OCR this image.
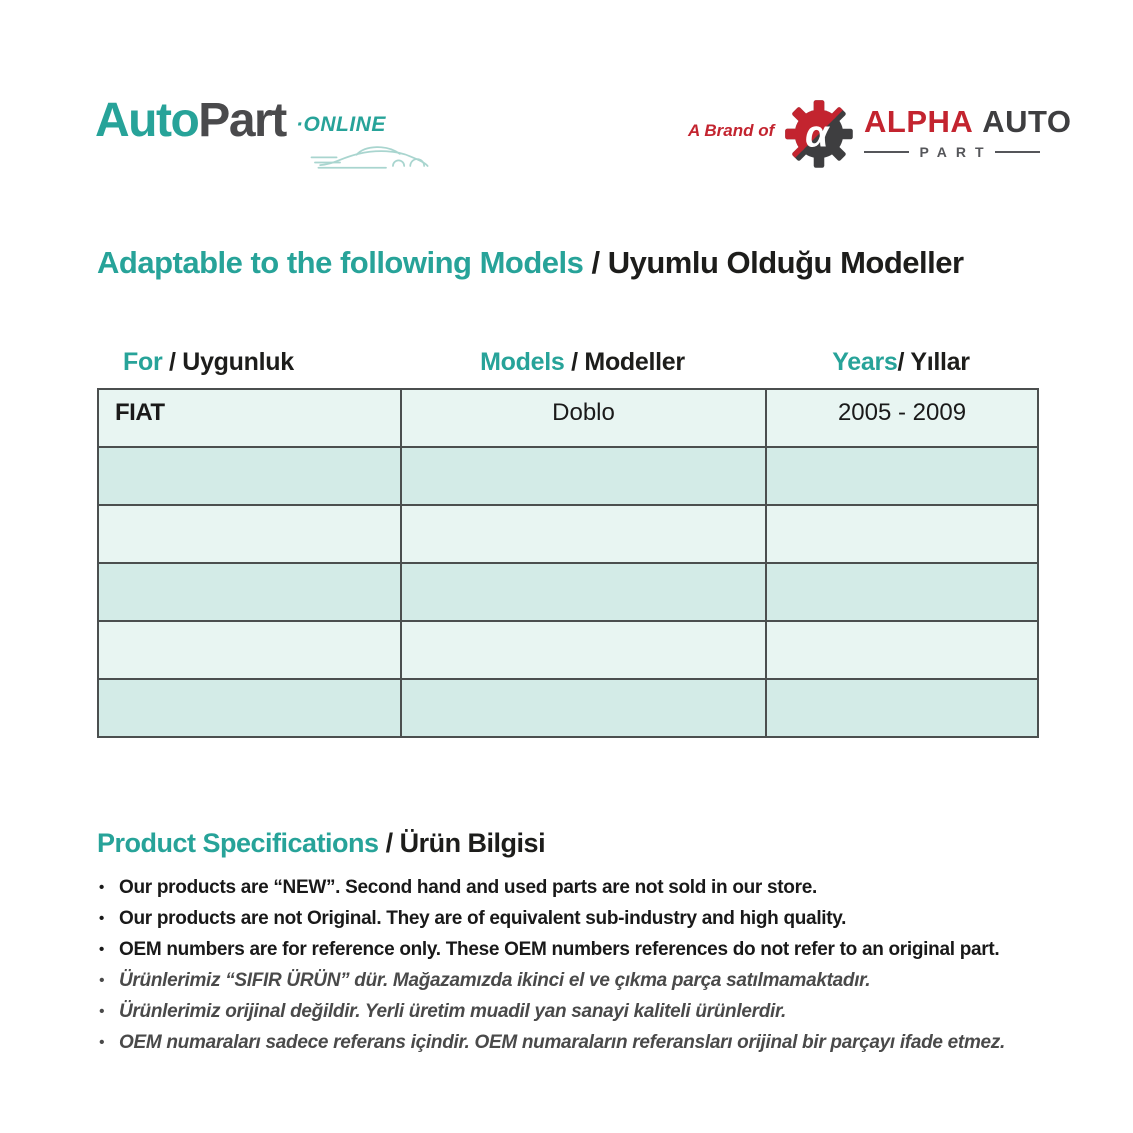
AutoPart ·ONLINE	A Brand of α ALPHA AUTO
PART
Adaptable to the following Models / Uyumlu Olduğu Modeller
For / Uygunluk	Models / Modeller	Years/ Yıllar
FIAT	Doblo	2005 - 2009

Product Specifications / Ürün Bilgisi
• Our products are “NEW”. Second hand and used parts are not sold in our store.
• Our products are not Original. They are of equivalent sub-industry and high quality.
• OEM numbers are for reference only. These OEM numbers references do not refer to an original part.
• Ürünlerimiz “SIFIR ÜRÜN” dür. Mağazamızda ikinci el ve çıkma parça satılmamaktadır.
• Ürünlerimiz orijinal değildir. Yerli üretim muadil yan sanayi kaliteli ürünlerdir.
• OEM numaraları sadece referans içindir. OEM numaraların referansları orijinal bir parçayı ifade etmez.
